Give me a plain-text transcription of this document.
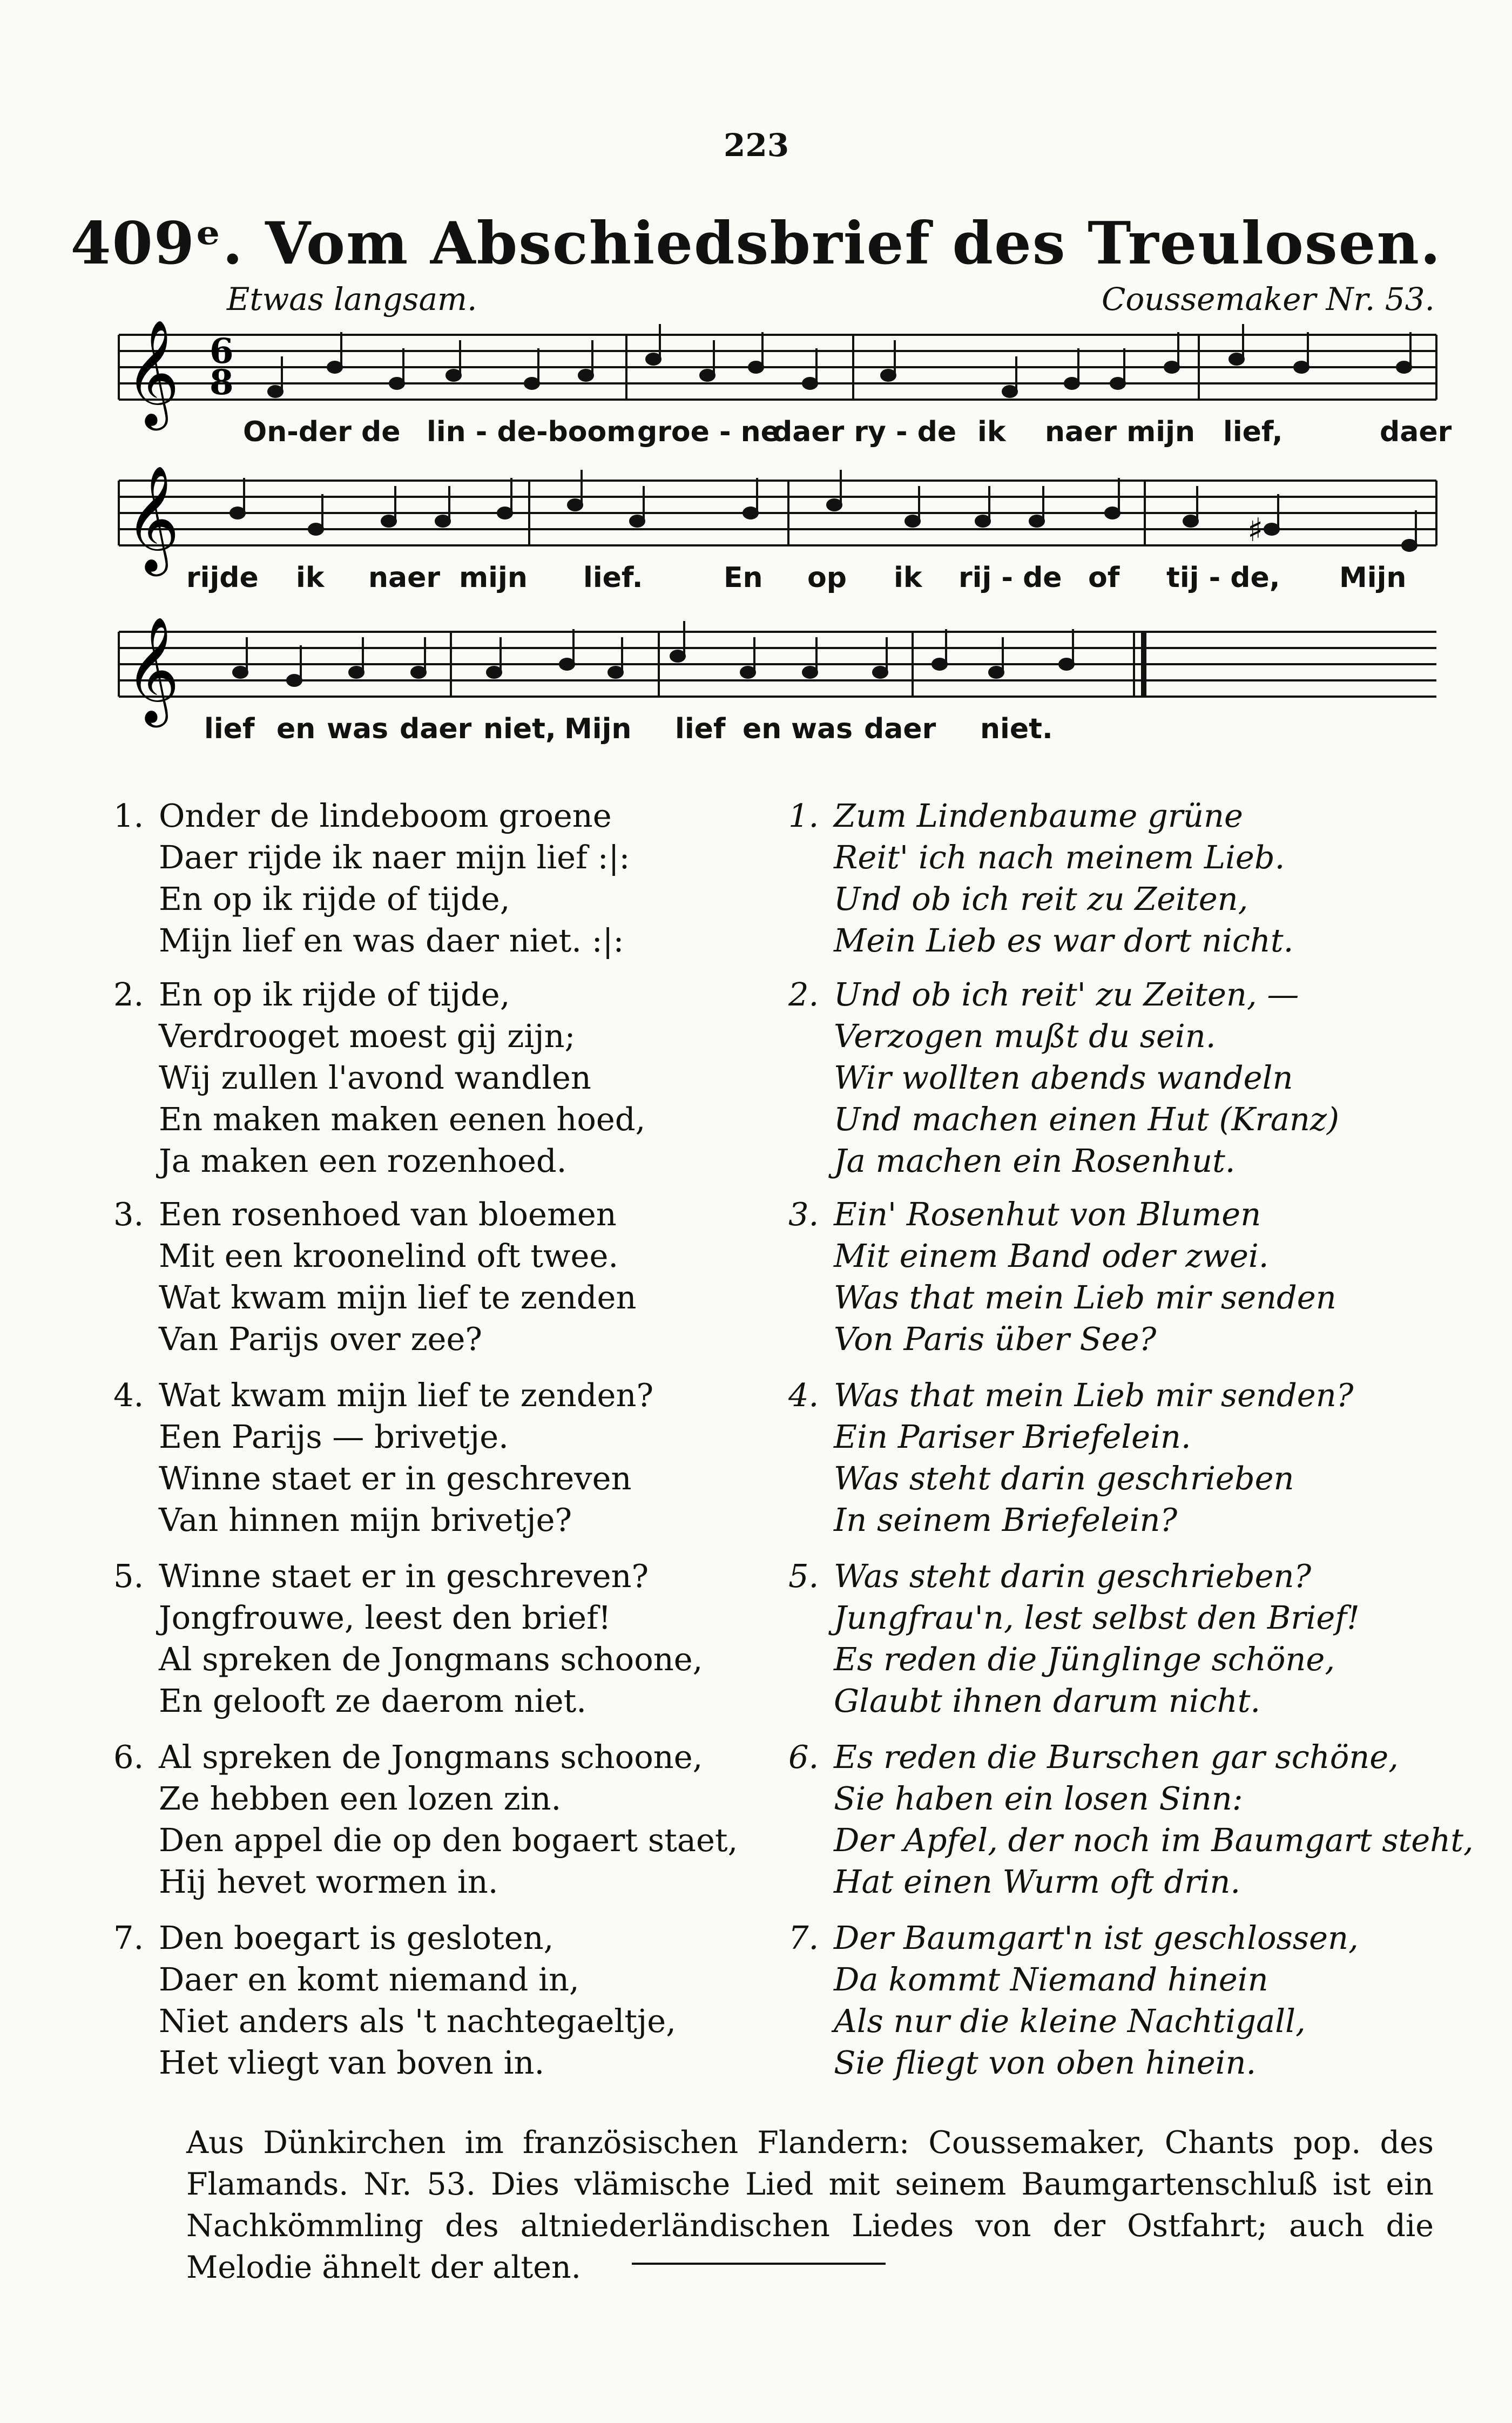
223
409ᵉ. Vom Abschiedsbrief des Treulosen.
Etwas langsam.	Coussemaker Nr. 53.
𝄞 6
8
On-der de lin - de-boom groe - ne
daer ry - de ik naer mijn lief,	daer
𝄞	♯
rijde ik naer mijn lief.	En op ik rij - de of tij - de, Mijn
𝄞
lief en was daer niet, Mijn lief en was daer niet.
1. Onder de lindeboom groene
Daer rijde ik naer mijn lief :|:
En op ik rijde of tijde,
Mijn lief en was daer niet. :|:
2. En op ik rijde of tijde,
Verdrooget moest gij zijn;
Wij zullen l'avond wandlen
En maken maken eenen hoed,
Ja maken een rozenhoed.
3. Een rosenhoed van bloemen
Mit een kroonelind oft twee.
Wat kwam mijn lief te zenden
Van Parijs over zee?
4. Wat kwam mijn lief te zenden?
Een Parijs — brivetje.
Winne staet er in geschreven
Van hinnen mijn brivetje?
5. Winne staet er in geschreven?
Jongfrouwe, leest den brief!
Al spreken de Jongmans schoone,
En gelooft ze daerom niet.
6. Al spreken de Jongmans schoone,
Ze hebben een lozen zin.
Den appel die op den bogaert staet,
Hij hevet wormen in.
7. Den boegart is gesloten,
Daer en komt niemand in,
Niet anders als 't nachtegaeltje,
Het vliegt van boven in.
1. Zum Lindenbaume grüne
Reit' ich nach meinem Lieb.
Und ob ich reit zu Zeiten,
Mein Lieb es war dort nicht.
2. Und ob ich reit' zu Zeiten, —
Verzogen mußt du sein.
Wir wollten abends wandeln
Und machen einen Hut (Kranz)
Ja machen ein Rosenhut.
3. Ein' Rosenhut von Blumen
Mit einem Band oder zwei.
Was that mein Lieb mir senden
Von Paris über See?
4. Was that mein Lieb mir senden?
Ein Pariser Briefelein.
Was steht darin geschrieben
In seinem Briefelein?
5. Was steht darin geschrieben?
Jungfrau'n, lest selbst den Brief!
Es reden die Jünglinge schöne,
Glaubt ihnen darum nicht.
6. Es reden die Burschen gar schöne,
Sie haben ein losen Sinn:
Der Apfel, der noch im Baumgart steht,
Hat einen Wurm oft drin.
7. Der Baumgart'n ist geschlossen,
Da kommt Niemand hinein
Als nur die kleine Nachtigall,
Sie fliegt von oben hinein.
Aus Dünkirchen im französischen Flandern: Coussemaker, Chants pop. des Flamands. Nr. 53. Dies vlämische Lied mit seinem Baumgartenschluß ist ein Nachkömmling des altniederländischen Liedes von der Ostfahrt; auch die Melodie ähnelt der alten.
